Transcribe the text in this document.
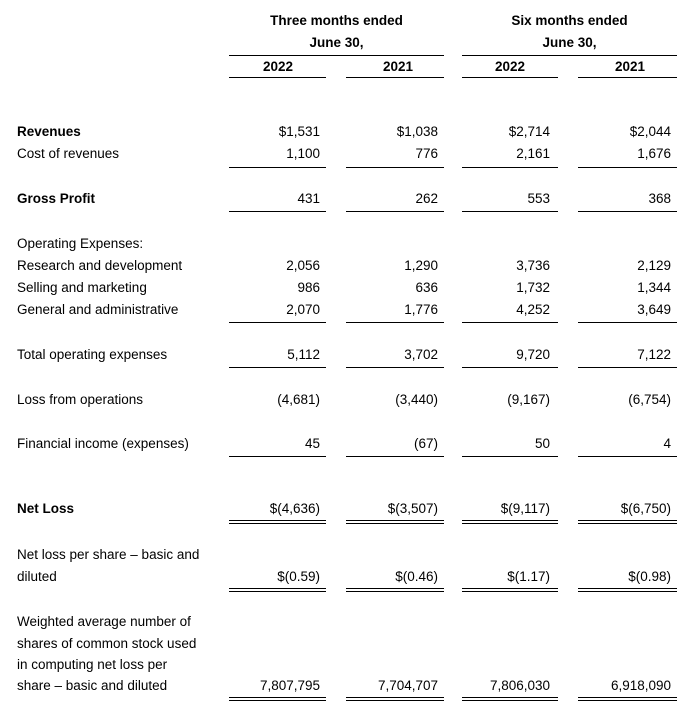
Three months ended
June 30,
Six months ended
June 30,
2022	2021	2022	2021
Revenues	$1,531	$1,038	$2,714	$2,044
Cost of revenues	1,100	776	2,161	1,676
Gross Profit	431	262	553	368
Operating Expenses:
Research and development	2,056	1,290	3,736	2,129
Selling and marketing	986	636	1,732	1,344
General and administrative	2,070	1,776	4,252	3,649
Total operating expenses	5,112	3,702	9,720	7,122
Loss from operations	(4,681)	(3,440)	(9,167)	(6,754)
Financial income (expenses)	45	(67)	50	4
Net Loss	$(4,636)	$(3,507)	$(9,117)	$(6,750)
Net loss per share – basic and
diluted	$(0.59)	$(0.46)	$(1.17)	$(0.98)
Weighted average number of
shares of common stock used
in computing net loss per
share – basic and diluted	7,807,795	7,704,707	7,806,030	6,918,090
